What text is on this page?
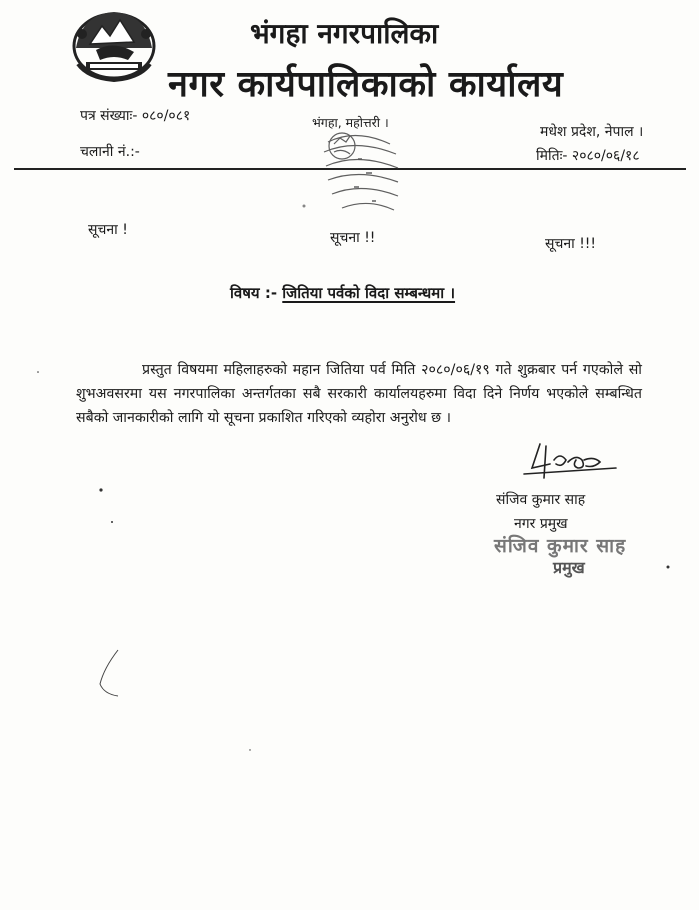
भंगहा नगरपालिका
नगर कार्यपालिकाको कार्यालय
पत्र संख्याः- ०८०/०८१	भंगहा, महोत्तरी ।
मधेश प्रदेश, नेपाल ।
चलानी नं.:-	मितिः- २०८०/०६/१८
सूचना !	सूचना !!	सूचना !!!
विषय :- जितिया पर्वको विदा सम्बन्धमा ।

प्रस्तुत विषयमा महिलाहरुको महान जितिया पर्व मिति २०८०/०६/१९ गते शुक्रबार पर्न गएकोले सो शुभअवसरमा यस नगरपालिका अन्तर्गतका सबै सरकारी कार्यालयहरुमा विदा दिने निर्णय भएकोले सम्बन्धित सबैको जानकारीको लागि यो सूचना प्रकाशित गरिएको व्यहोरा अनुरोध छ ।

संजिव कुमार साह
नगर प्रमुख
संजिव कुमार साह
प्रमुख
